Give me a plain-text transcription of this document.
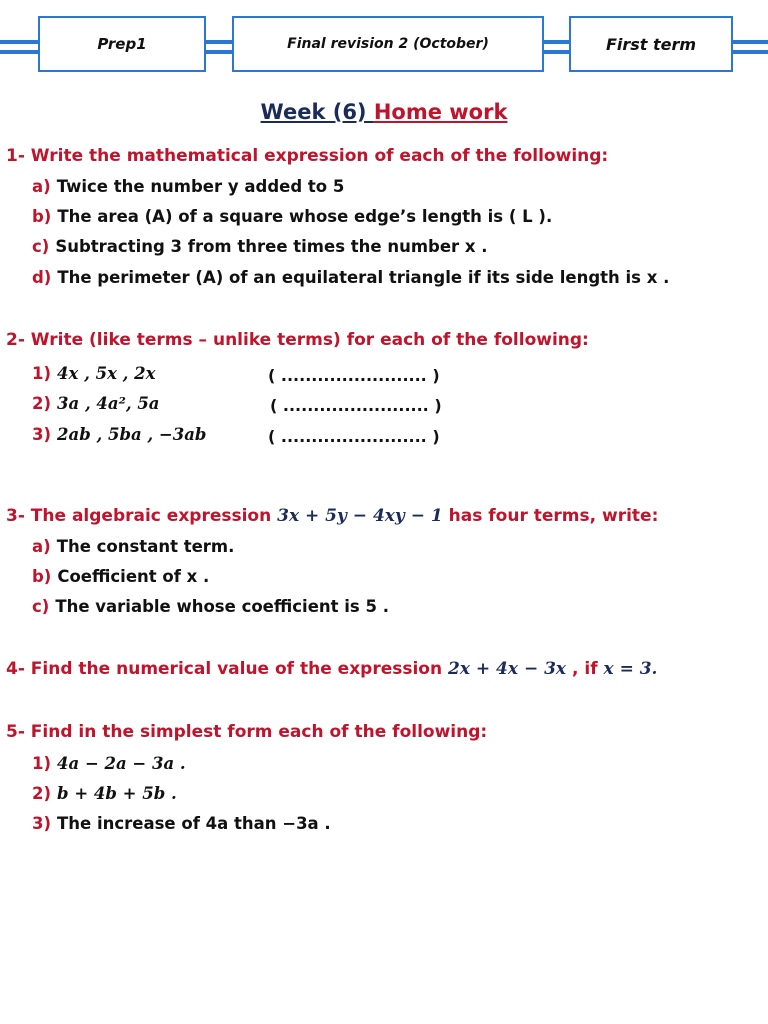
Prep1	Final revision 2 (October)	First term
Week (6) Home work
1- Write the mathematical expression of each of the following:
a) Twice the number y added to 5
b) The area (A) of a square whose edge’s length is ( L ).
c) Subtracting 3 from three times the number x .
d) The perimeter (A) of an equilateral triangle if its side length is x .
2- Write (like terms – unlike terms) for each of the following:
1) 4x , 5x , 2x	( ........................ )
2) 3a , 4a², 5a	( ........................ )
3) 2ab , 5ba , −3ab	( ........................ )
3- The algebraic expression 3x + 5y − 4xy − 1 has four terms, write:
a) The constant term.
b) Coefficient of x .
c) The variable whose coefficient is 5 .
4- Find the numerical value of the expression 2x + 4x − 3x , if x = 3.
5- Find in the simplest form each of the following:
1) 4a − 2a − 3a .
2) b + 4b + 5b .
3) The increase of 4a than −3a .
